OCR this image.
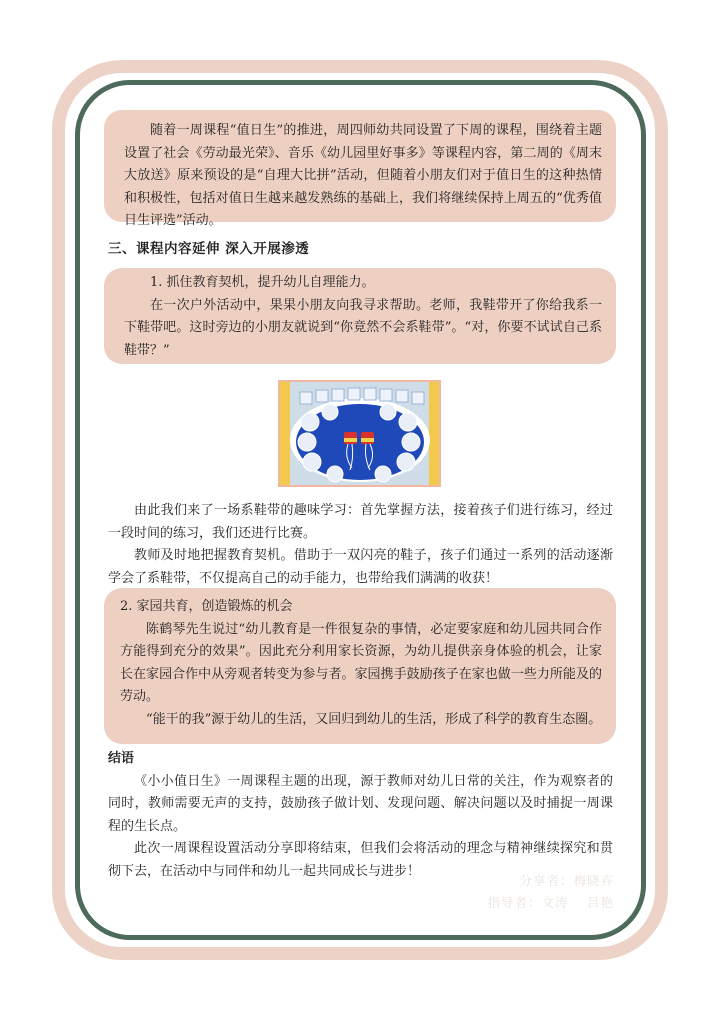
随着一周课程“值日生”的推进，周四师幼共同设置了下周的课程，围绕着主题设置了社会《劳动最光荣》、音乐《幼儿园里好事多》等课程内容，第二周的《周末大放送》原来预设的是“自理大比拼”活动，但随着小朋友们对于值日生的这种热情和积极性，包括对值日生越来越发熟练的基础上，我们将继续保持上周五的“优秀值日生评选”活动。

三、课程内容延伸 深入开展渗透

1. 抓住教育契机，提升幼儿自理能力。

在一次户外活动中，果果小朋友向我寻求帮助。老师，我鞋带开了你给我系一下鞋带吧。这时旁边的小朋友就说到“你竟然不会系鞋带”。“对，你要不试试自己系鞋带？”

由此我们来了一场系鞋带的趣味学习：首先掌握方法，接着孩子们进行练习，经过一段时间的练习，我们还进行比赛。

教师及时地把握教育契机。借助于一双闪亮的鞋子，孩子们通过一系列的活动逐渐学会了系鞋带，不仅提高自己的动手能力，也带给我们满满的收获！

2. 家园共育，创造锻炼的机会

陈鹤琴先生说过“幼儿教育是一件很复杂的事情，必定要家庭和幼儿园共同合作方能得到充分的效果”。因此充分利用家长资源，为幼儿提供亲身体验的机会，让家长在家园合作中从旁观者转变为参与者。家园携手鼓励孩子在家也做一些力所能及的劳动。

“能干的我”源于幼儿的生活，又回归到幼儿的生活，形成了科学的教育生态圈。

结语

《小小值日生》一周课程主题的出现，源于教师对幼儿日常的关注，作为观察者的同时，教师需要无声的支持，鼓励孩子做计划、发现问题、解决问题以及时捕捉一周课程的生长点。

此次一周课程设置活动分享即将结束，但我们会将活动的理念与精神继续探究和贯彻下去，在活动中与同伴和幼儿一起共同成长与进步！

分享者：梅晓卉
指导者：文涛　 吕艳
